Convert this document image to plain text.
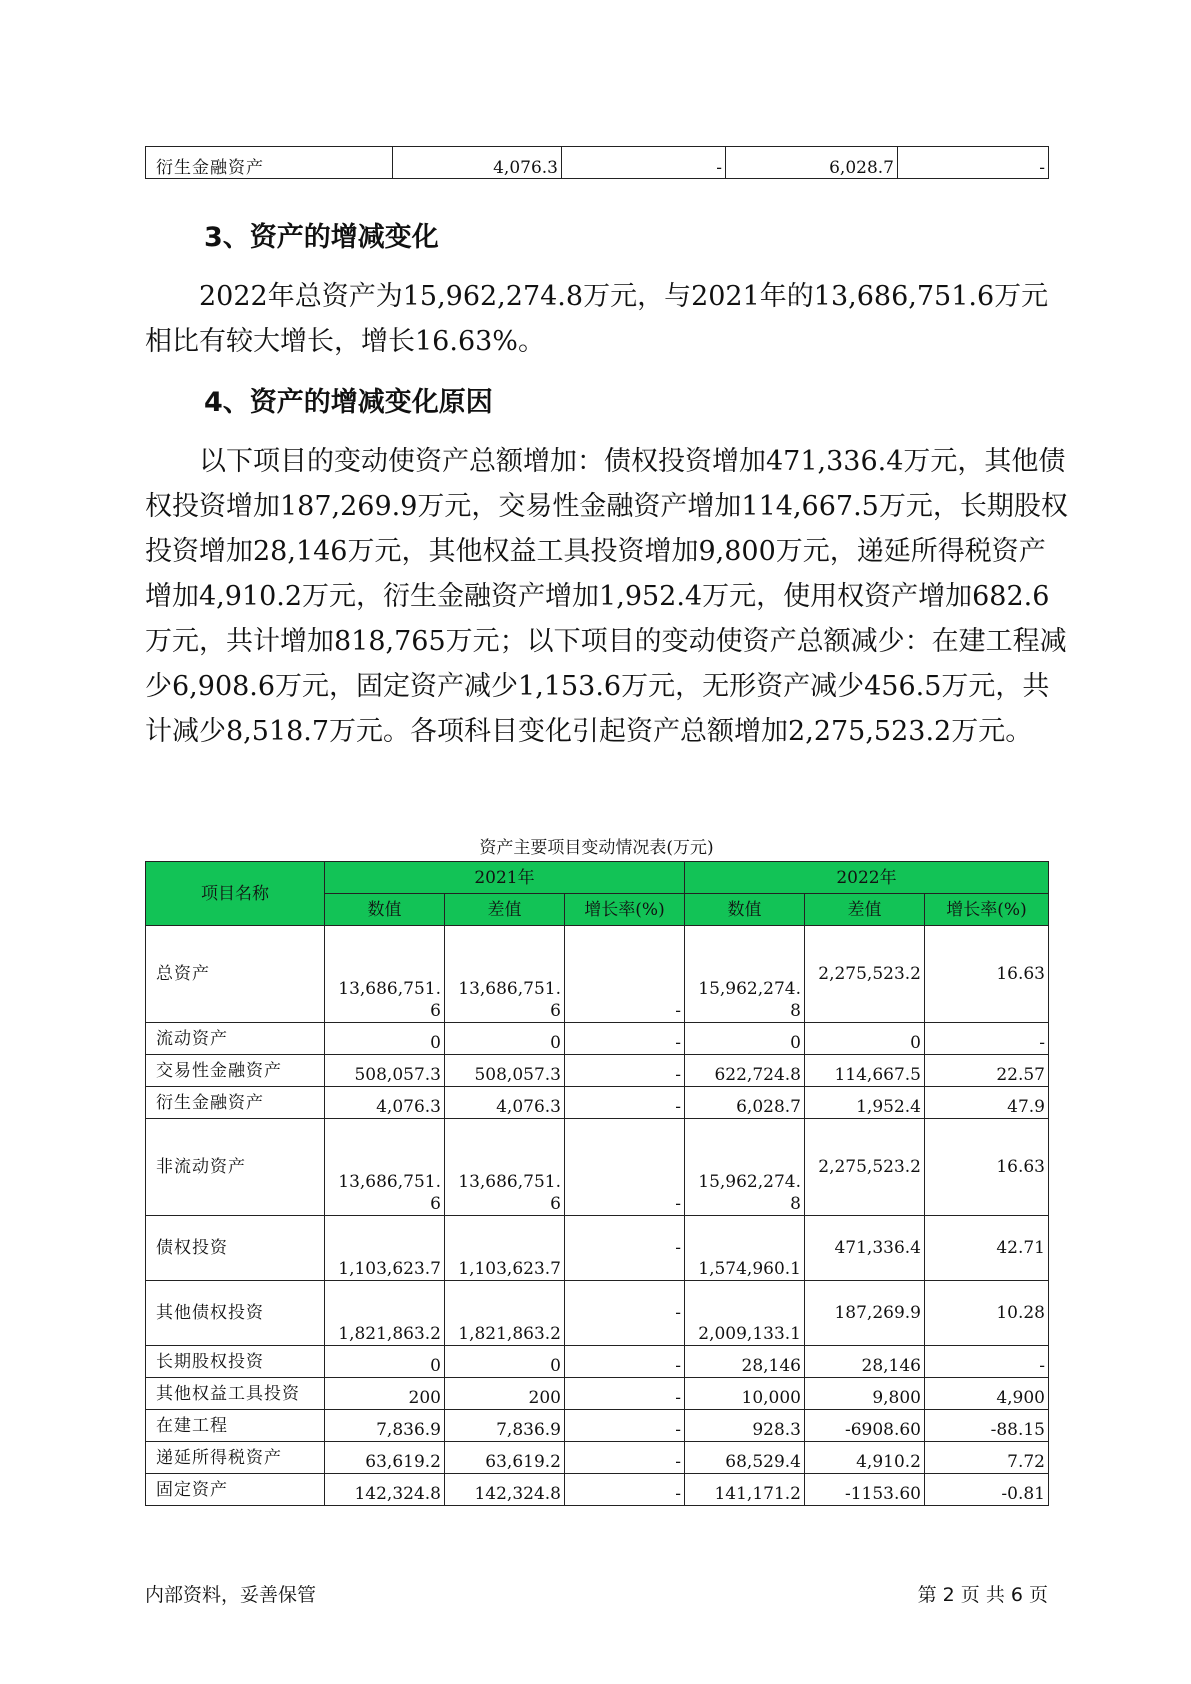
衍生金融资产	4,076.3	-	6,028.7	-
3、资产的增减变化

2022年总资产为15,962,274.8万元，与2021年的13,686,751.6万元相比有较大增长，增长16.63%。

4、资产的增减变化原因

以下项目的变动使资产总额增加：债权投资增加471,336.4万元，其他债权投资增加187,269.9万元，交易性金融资产增加114,667.5万元，长期股权投资增加28,146万元，其他权益工具投资增加9,800万元，递延所得税资产增加4,910.2万元，衍生金融资产增加1,952.4万元，使用权资产增加682.6万元，共计增加818,765万元；以下项目的变动使资产总额减少：在建工程减少6,908.6万元，固定资产减少1,153.6万元，无形资产减少456.5万元，共计减少8,518.7万元。各项科目变化引起资产总额增加2,275,523.2万元。

资产主要项目变动情况表(万元)
项目名称	2021年			2022年		
	数值	差值	增长率(%)	数值	差值	增长率(%)
总资产	13,686,751.6	13,686,751.6	-	15,962,274.8	2,275,523.2	16.63
流动资产	0	0	-	0	0	-
交易性金融资产	508,057.3	508,057.3	-	622,724.8	114,667.5	22.57
衍生金融资产	4,076.3	4,076.3	-	6,028.7	1,952.4	47.9
非流动资产	13,686,751.6	13,686,751.6	-	15,962,274.8	2,275,523.2	16.63
债权投资	1,103,623.7	1,103,623.7	-	1,574,960.1	471,336.4	42.71
其他债权投资	1,821,863.2	1,821,863.2	-	2,009,133.1	187,269.9	10.28
长期股权投资	0	0	-	28,146	28,146	-
其他权益工具投资	200	200	-	10,000	9,800	4,900
在建工程	7,836.9	7,836.9	-	928.3	-6908.60	-88.15
递延所得税资产	63,619.2	63,619.2	-	68,529.4	4,910.2	7.72
固定资产	142,324.8	142,324.8	-	141,171.2	-1153.60	-0.81
内部资料，妥善保管	第 2 页 共 6 页
